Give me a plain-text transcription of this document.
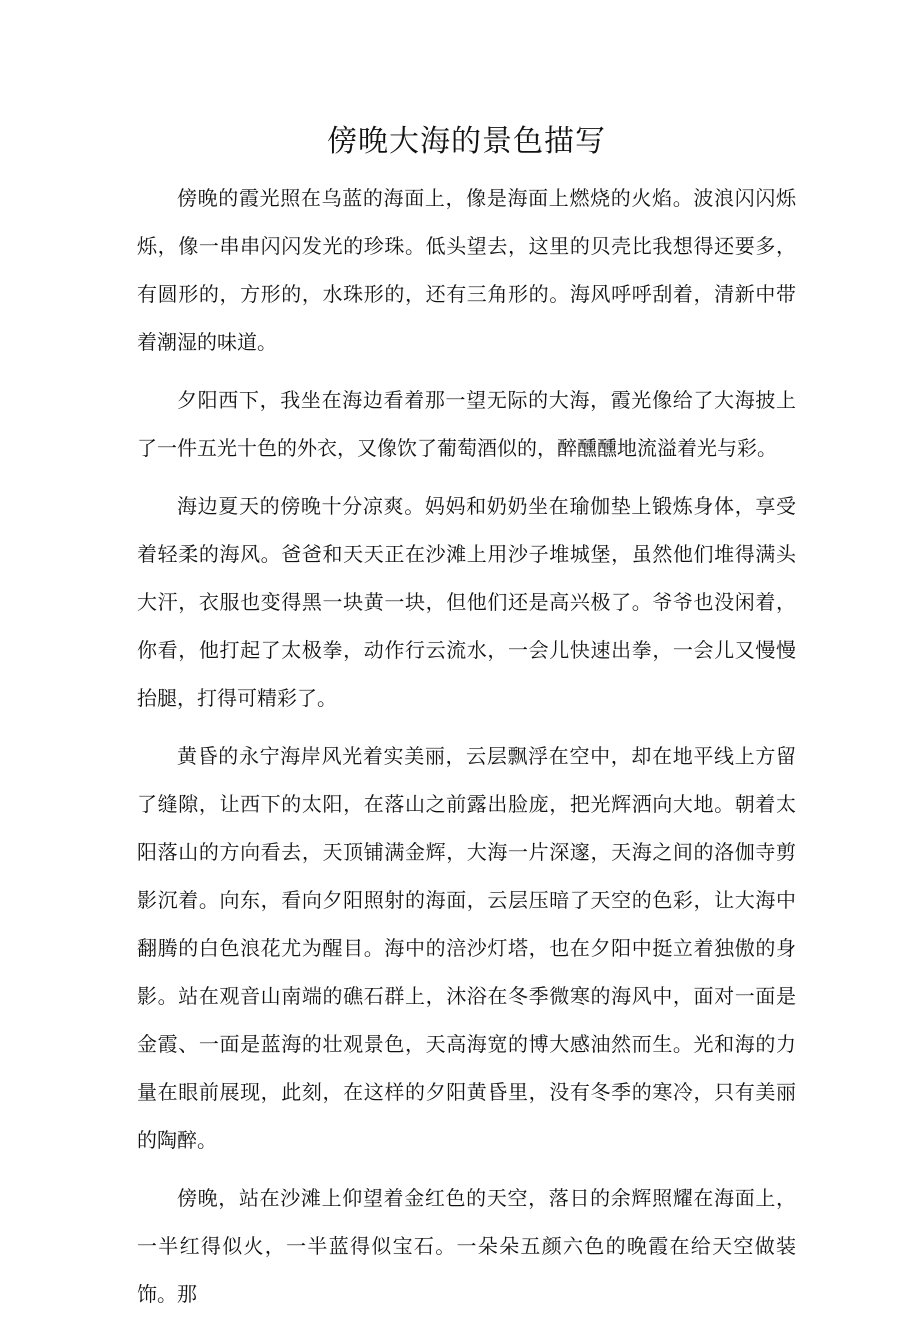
傍晚大海的景色描写

傍晚的霞光照在乌蓝的海面上，像是海面上燃烧的火焰。波浪闪闪烁烁，像一串串闪闪发光的珍珠。低头望去，这里的贝壳比我想得还要多，有圆形的，方形的，水珠形的，还有三角形的。海风呼呼刮着，清新中带着潮湿的味道。

夕阳西下，我坐在海边看着那一望无际的大海，霞光像给了大海披上了一件五光十色的外衣，又像饮了葡萄酒似的，醉醺醺地流溢着光与彩。

海边夏天的傍晚十分凉爽。妈妈和奶奶坐在瑜伽垫上锻炼身体，享受着轻柔的海风。爸爸和天天正在沙滩上用沙子堆城堡，虽然他们堆得满头大汗，衣服也变得黑一块黄一块，但他们还是高兴极了。爷爷也没闲着，你看，他打起了太极拳，动作行云流水，一会儿快速出拳，一会儿又慢慢抬腿，打得可精彩了。

黄昏的永宁海岸风光着实美丽，云层飘浮在空中，却在地平线上方留了缝隙，让西下的太阳，在落山之前露出脸庞，把光辉洒向大地。朝着太阳落山的方向看去，天顶铺满金辉，大海一片深邃，天海之间的洛伽寺剪影沉着。向东，看向夕阳照射的海面，云层压暗了天空的色彩，让大海中翻腾的白色浪花尤为醒目。海中的涪沙灯塔，也在夕阳中挺立着独傲的身影。站在观音山南端的礁石群上，沐浴在冬季微寒的海风中，面对一面是金霞、一面是蓝海的壮观景色，天高海宽的博大感油然而生。光和海的力量在眼前展现，此刻，在这样的夕阳黄昏里，没有冬季的寒冷，只有美丽的陶醉。

傍晚，站在沙滩上仰望着金红色的天空，落日的余辉照耀在海面上，一半红得似火，一半蓝得似宝石。一朵朵五颜六色的晚霞在给天空做装饰。那
